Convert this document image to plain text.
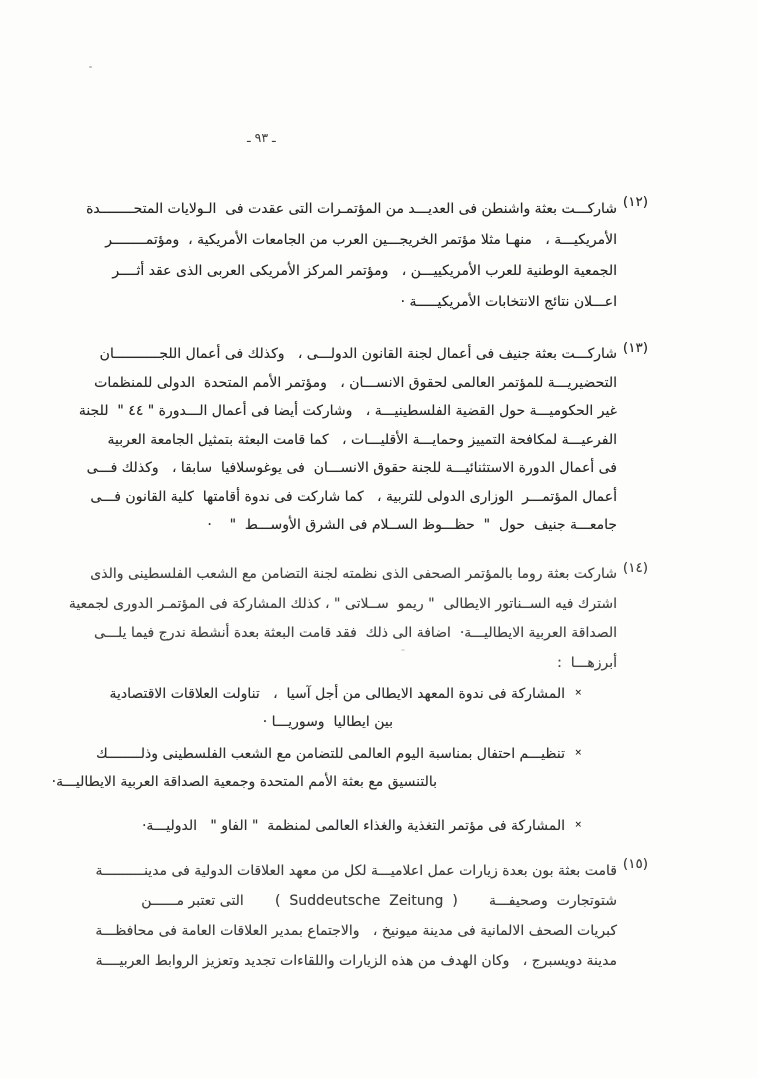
ـ ٩٣ ـ
(١٢)
شاركـــت بعثة واشنطن فى العديـــد من المؤتمـرات التى عقدت فى  الـولايات المتحــــــــدة
الأمريكيـــة ،   منهـا مثلا مؤتمر الخريجـــين العرب من الجامعات الأمريكية ،  ومؤتمــــــــر
الجمعية الوطنية للعرب الأمريكييـــن ،   ومؤتمر المركز الأمريكى العربى الذى عقد أثــــر
اعـــلان نتائج الانتخابات الأمريكيـــــة ·
(١٣)
شاركـــت بعثة جنيف فى أعمال لجنة القانون الدولـــى ،   وكذلك فى أعمال اللجـــــــــــان
التحضيريـــة للمؤتمر العالمى لحقوق الانســـان ،   ومؤتمر الأمم المتحدة  الدولى للمنظمات
غير الحكوميـــة حول القضية الفلسطينيـــة ،   وشاركت أيضا فى أعمال الـــدورة " ٤٤ "  للجنة
الفرعيـــة لمكافحة التمييز وحمايـــة الأقليـــات ،   كما قامت البعثة بتمثيل الجامعة العربية
فى أعمال الدورة الاستثنائيـــة للجنة حقوق الانســـان  فى يوغوسلافيا  سابقا ،   وكذلك فـــى
أعمال المؤتمـــر  الوزارى الدولى للتربية ،   كما شاركت فى ندوة أقامتها  كلية القانون فـــى
جامعـــة جنيف  حول  "  حظـــوظ الســلام فى الشرق الأوســـط  "    ·
(١٤)
شاركت بعثة روما بالمؤتمر الصحفى الذى نظمته لجنة التضامن مع الشعب الفلسطينى والذى
اشترك فيه الســناتور الايطالى  " ريمو  ســلاتى " ، كذلك المشاركة فى المؤتمـر الدورى لجمعية
الصداقة العربية الايطاليـــة·  اضافة الى ذلك  فقد قامت البعثة بعدة أنشطة ندرج فيما يلـــى
أبرزهـــا  :
×
المشاركة فى ندوة المعهد الايطالى من أجل آسيا  ،   تناولت العلاقات الاقتصادية
بين ايطاليا  وسوريـــا ·
×
تنظيـــم احتفال بمناسبة اليوم العالمى للتضامن مع الشعب الفلسطينى وذلــــــــك
بالتنسيق مع بعثة الأمم المتحدة وجمعية الصداقة العربية الايطاليـــة·
×
المشاركة فى مؤتمر التغذية والغذاء العالمى لمنظمة  " الفاو "   الدوليـــة·
(١٥)
قامت بعثة بون بعدة زيارات عمل اعلاميـــة لكل من معهد العلاقات الدولية فى مدينــــــــــة
شتوتجارت  وصحيفـــة       (  Suddeutsche  Zeitung  )       التى تعتبر مــــــن
كبريات الصحف الالمانية فى مدينة ميونيخ ،   والاجتماع بمدير العلاقات العامة فى محافظـــة
مدينة دويسبرج ،   وكان الهدف من هذه الزيارات واللقاءات تجديد وتعزيز الروابط العربيــــة
